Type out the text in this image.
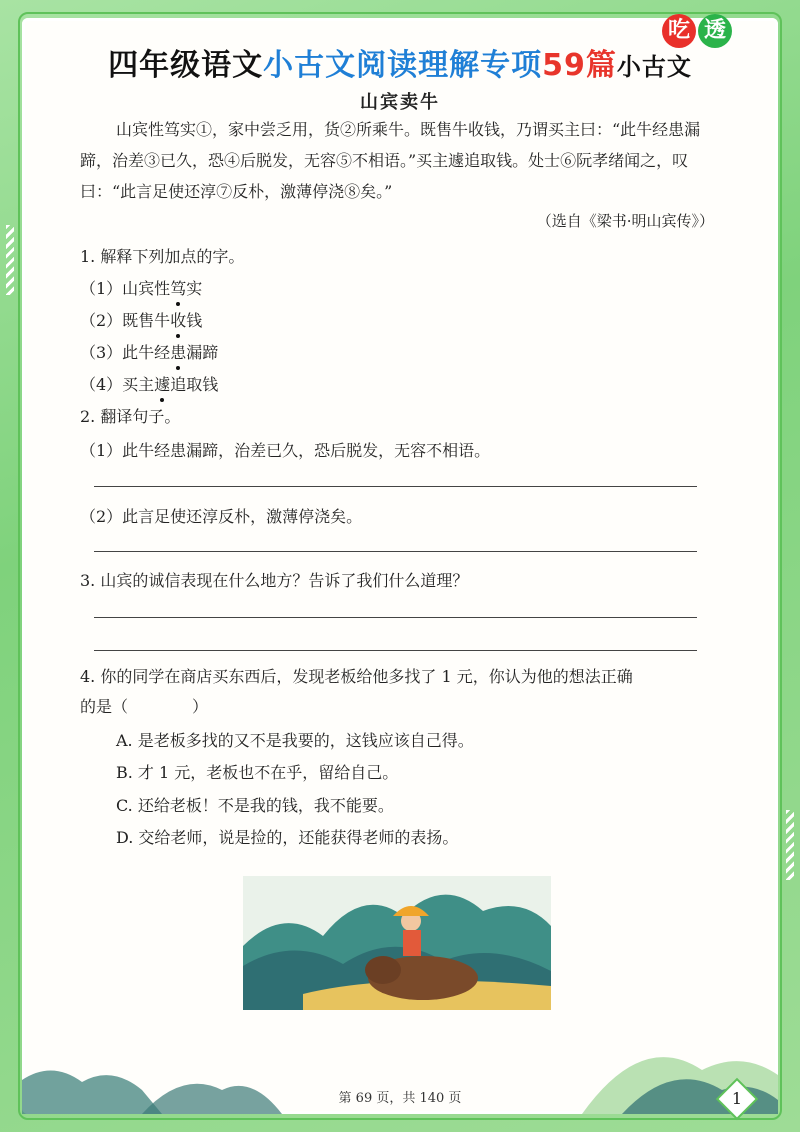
吃 透
四年级语文小古文阅读理解专项59篇小古文
山宾卖牛
山宾性笃实①，家中尝乏用，货②所乘牛。既售牛收钱，乃谓买主曰：“此牛经患漏蹄，治差③已久，恐④后脱发，无容⑤不相语。”买主遽追取钱。处士⑥阮孝绪闻之，叹曰：“此言足使还淳⑦反朴，激薄停浇⑧矣。”
（选自《梁书·明山宾传》）
1. 解释下列加点的字。
（1）山宾性笃实
（2）既售牛收钱
（3）此牛经患漏蹄
（4）买主遽追取钱
2. 翻译句子。
（1）此牛经患漏蹄，治差已久，恐后脱发，无容不相语。
（2）此言足使还淳反朴，激薄停浇矣。
3. 山宾的诚信表现在什么地方？告诉了我们什么道理？
4. 你的同学在商店买东西后，发现老板给他多找了 1 元，你认为他的想法正确
的是（　　　　）
A. 是老板多找的又不是我要的，这钱应该自己得。
B. 才 1 元，老板也不在乎，留给自己。
C. 还给老板！不是我的钱，我不能要。
D. 交给老师，说是捡的，还能获得老师的表扬。
第 69 页，共 140 页	1
